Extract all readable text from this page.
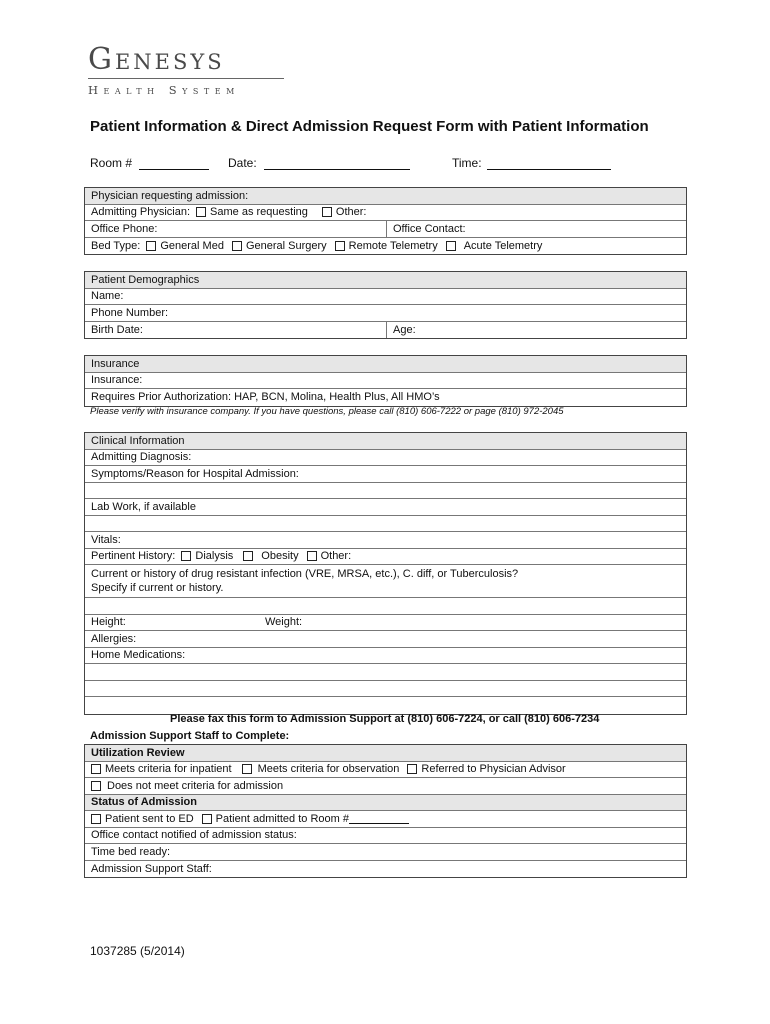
Genesys
Health System
Patient Information & Direct Admission Request Form with Patient Information
Room #	Date:	Time:
Physician requesting admission:
Admitting Physician: Same as requesting	Other:
Office Phone:	Office Contact:
Bed Type: General Med General Surgery Remote Telemetry Acute Telemetry
Patient Demographics
Name:
Phone Number:
Birth Date:	Age:
Insurance
Insurance:
Requires Prior Authorization: HAP, BCN, Molina, Health Plus, All HMO’s
Please verify with insurance company. If you have questions, please call (810) 606-7222 or page (810) 972-2045
Clinical Information
Admitting Diagnosis:
Symptoms/Reason for Hospital Admission:
Lab Work, if available
Vitals:
Pertinent History: Dialysis	Obesity Other:
Current or history of drug resistant infection (VRE, MRSA, etc.), C. diff, or Tuberculosis?
Specify if current or history.
Height:	Weight:
Allergies:
Home Medications:
Please fax this form to Admission Support at (810) 606-7224, or call (810) 606-7234
Admission Support Staff to Complete:
Utilization Review
Meets criteria for inpatient Meets criteria for observation Referred to Physician Advisor
Does not meet criteria for admission
Status of Admission
Patient sent to ED Patient admitted to Room #
Office contact notified of admission status:
Time bed ready:
Admission Support Staff:
1037285 (5/2014)
